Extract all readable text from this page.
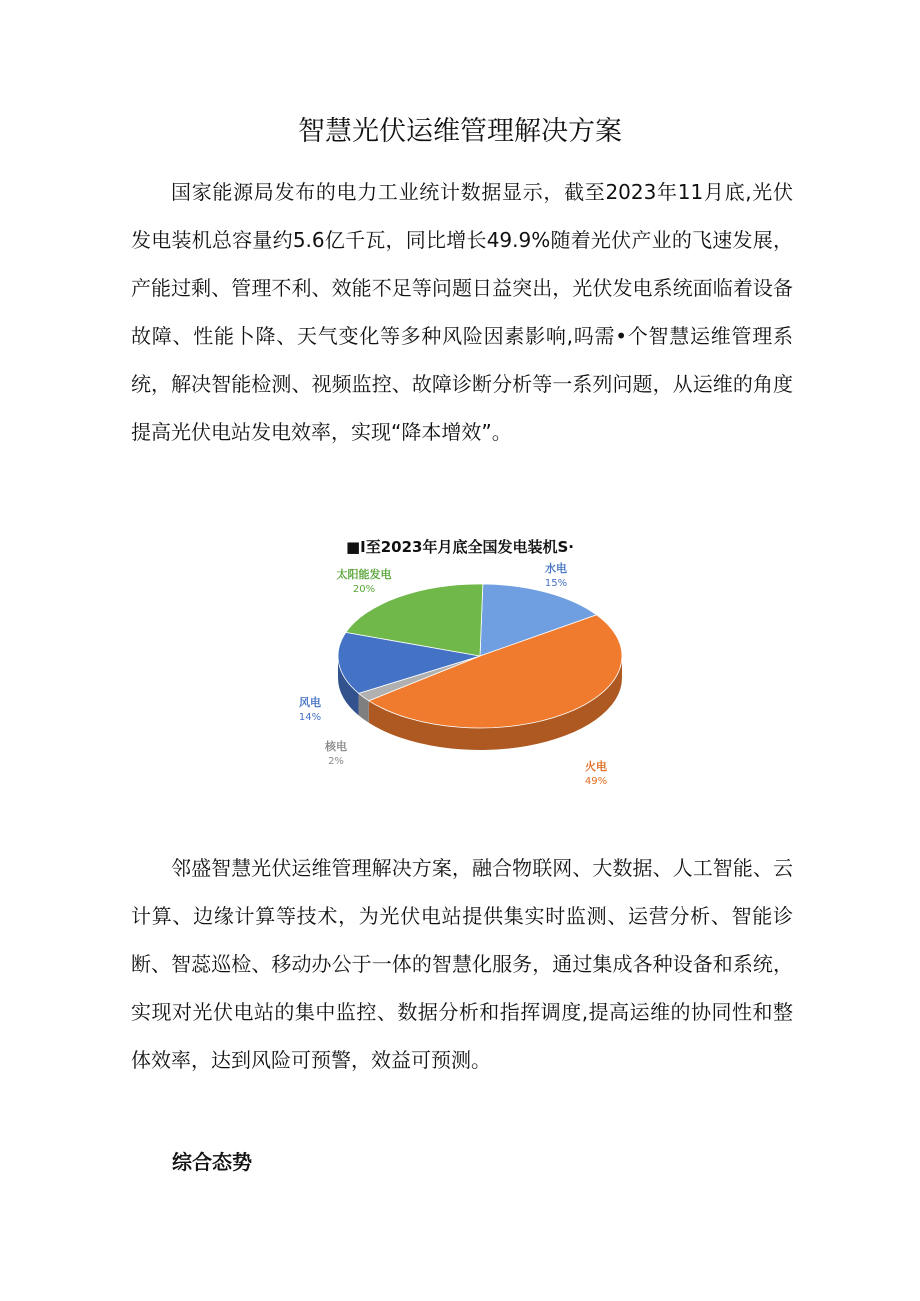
智慧光伏运维管理解决方案

国家能源局发布的电力工业统计数据显示，截至2023年11月底,光伏发电装机总容量约5.6亿千瓦，同比增长49.9%随着光伏产业的飞速发展，产能过剩、管理不利、效能不足等问题日益突出，光伏发电系统面临着设备故障、性能卜降、天气变化等多种风险因素影响,吗需•个智慧运维管理系统，解决智能检测、视频监控、故障诊断分析等一系列问题，从运维的角度提高光伏电站发电效率，实现“降本增效”。

■I至2023年月底全国发电装机S·
水电
15%
火电
49%
核电
2%
风电
14%
太阳能发电
20%

邻盛智慧光伏运维管理解决方案，融合物联网、大数据、人工智能、云计算、边缘计算等技术，为光伏电站提供集实时监测、运营分析、智能诊断、智蕊巡检、移动办公于一体的智慧化服务，通过集成各种设备和系统，实现对光伏电站的集中监控、数据分析和指挥调度,提高运维的协同性和整体效率，达到风险可预警，效益可预测。

综合态势
